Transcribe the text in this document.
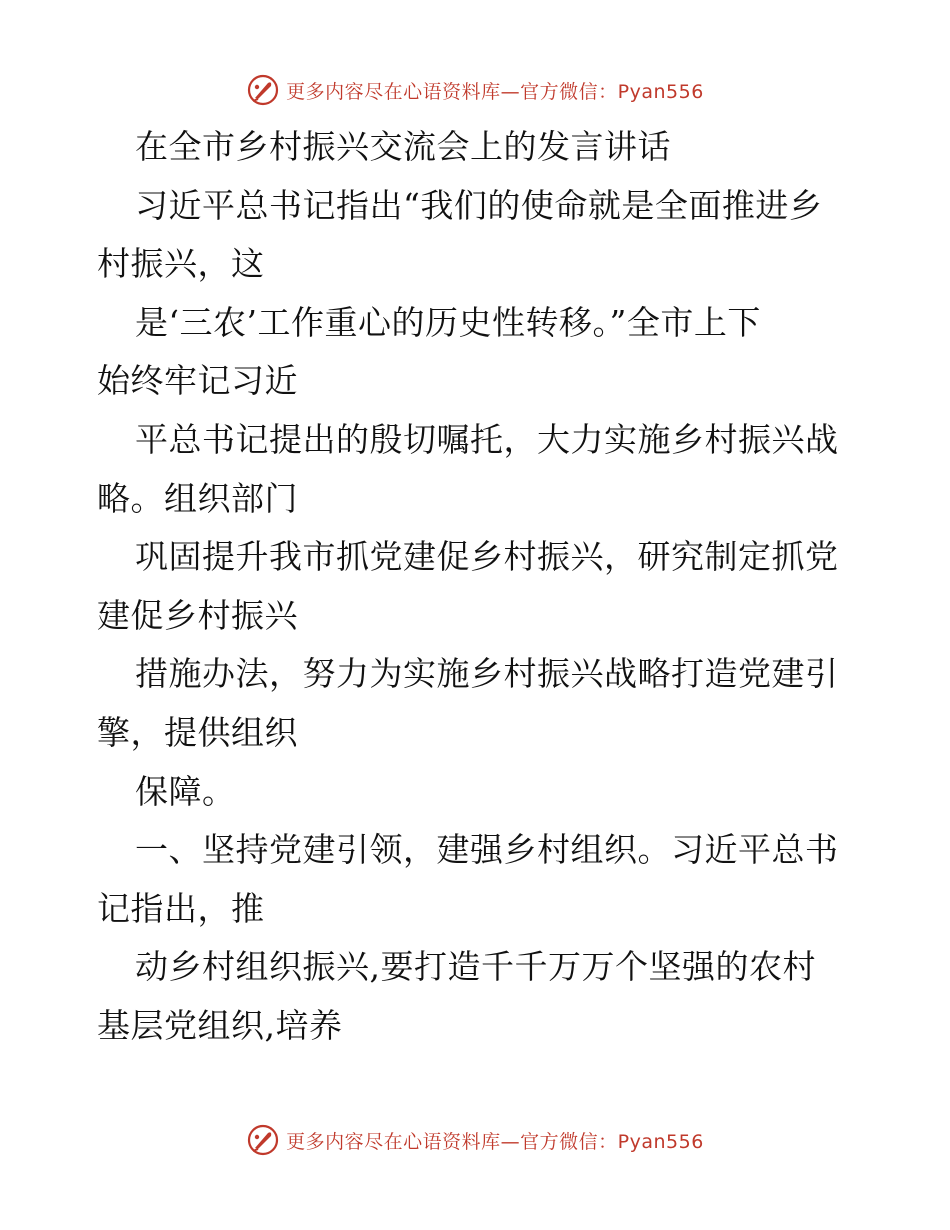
更多内容尽在心语资料库—官方微信：Pyan556
在全市乡村振兴交流会上的发言讲话
习近平总书记指出“我们的使命就是全面推进乡
村振兴，这
是‘三农’工作重心的历史性转移。”全市上下
始终牢记习近
平总书记提出的殷切嘱托，大力实施乡村振兴战
略。组织部门
巩固提升我市抓党建促乡村振兴，研究制定抓党
建促乡村振兴
措施办法，努力为实施乡村振兴战略打造党建引
擎，提供组织
保障。
一、坚持党建引领，建强乡村组织。习近平总书
记指出，推
动乡村组织振兴,要打造千千万万个坚强的农村
基层党组织,培养
更多内容尽在心语资料库—官方微信：Pyan556
